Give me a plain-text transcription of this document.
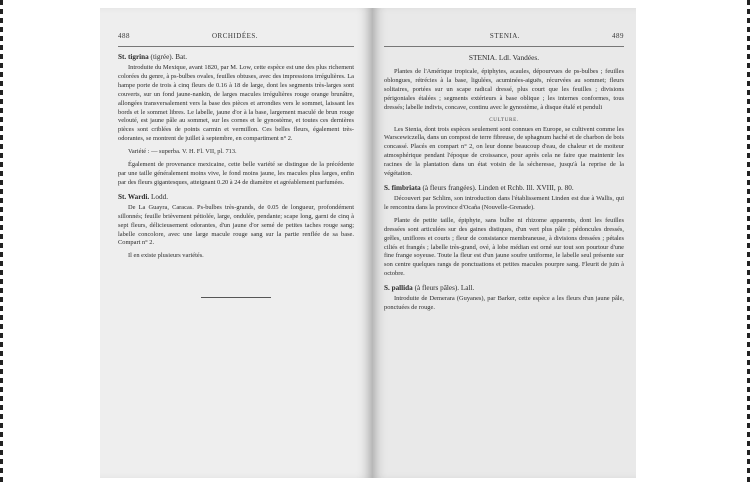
488	ORCHIDÉES.
St. tigrina (tigrée). Bat.

Introduite du Mexique, avant 1820, par M. Low, cette espèce est une des plus richement colorées du genre, à ps-bulbes ovales, feuilles obtuses, avec des impressions irrégulières. La hampe porte de trois à cinq fleurs de 0.16 à 18 de large, dont les segments très-larges sont couverts, sur un fond jaune-nankin, de larges macules irrégulières rouge orange brunâtre, allongées transversalement vers la base des pièces et arrondies vers le sommet, laissant les bords et le sommet libres. Le labelle, jaune d'or à la base, largement maculé de brun rouge velouté, est jaune pâle au sommet, sur les cornes et le gynostème, et toutes ces dernières pièces sont criblées de points carmin et vermillon. Ces belles fleurs, également très-odorantes, se montrent de juillet à septembre, en compartiment n° 2.

Variété : — superba. V. H. Fl. VII, pl. 713.

Également de provenance mexicaine, cette belle variété se distingue de la précédente par une taille généralement moins vive, le fond moins jaune, les macules plus larges, enfin par des fleurs gigantesques, atteignant 0.20 à 24 de diamètre et agréablement parfumées.

St. Wardi. Lodd.

De La Guayra, Caracas. Ps-bulbes très-grands, de 0.05 de longueur, profondément sillonnés; feuille brièvement pétiolée, large, ondulée, pendante; scape long, garni de cinq à sept fleurs, délicieusement odorantes, d'un jaune d'or semé de petites taches rouge sang; labelle concolore, avec une large macule rouge sang sur la partie renflée de sa base. Compart n° 2.

Il en existe plusieurs variétés.

STENIA.	489
STENIA. Ldl. Vandées.

Plantes de l'Amérique tropicale, épiphytes, acaules, dépourvues de ps-bulbes ; feuilles oblongues, rétrécies à la base, ligulées, acuminées-aiguës, récurvées au sommet; fleurs solitaires, portées sur un scape radical dressé, plus court que les feuilles ; divisions périgoniales étalées ; segments extérieurs à base oblique ; les internes conformes, tous dressés; labelle indivis, concave, continu avec le gynostème, à disque étalé et penduli

CULTURE.

Les Stenia, dont trois espèces seulement sont connues en Europe, se cultivent comme les Warscewiczella, dans un compost de terre fibreuse, de sphagnum haché et de charbon de bois concassé. Placés en compart n° 2, on leur donne beaucoup d'eau, de chaleur et de moiteur atmosphérique pendant l'époque de croissance, pour après cela ne faire que maintenir les racines de la plantation dans un état voisin de la sécheresse, jusqu'à la reprise de la végétation.

S. fimbriata (à fleurs frangées). Linden et Rchb. Ill. XVIII, p. 80.

Découvert par Schlim, son introduction dans l'établissement Linden est due à Wallis, qui le rencontra dans la province d'Ocaña (Nouvelle-Grenade).

Plante de petite taille, épiphyte, sans bulbe ni rhizome apparents, dont les feuilles dressées sont articulées sur des gaines distiques, d'un vert plus pâle ; pédoncules dressés, grêles, uniflores et courts ; fleur de consistance membraneuse, à divisions dressées ; pétales ciliés et frangés ; labelle très-grand, ové, à lobe médian est orné sur tout son pourtour d'une fine frange soyeuse. Toute la fleur est d'un jaune soufre uniforme, le labelle seul présente sur son centre quelques rangs de ponctuations et petites macules pourpre sang. Fleurit de juin à octobre.

S. pallida (à fleurs pâles). Lall.

Introduite de Demerara (Guyanes), par Barker, cette espèce a les fleurs d'un jaune pâle, ponctuées de rouge.
